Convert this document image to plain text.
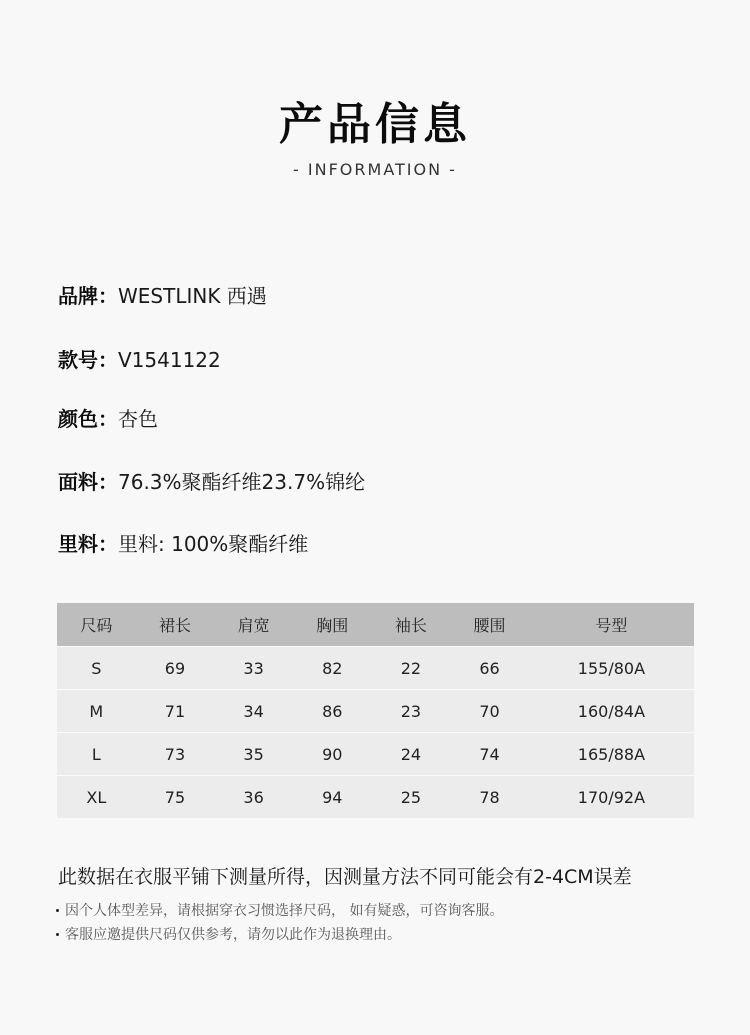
产品信息
- INFORMATION -
品牌：WESTLINK 西遇
款号：V1541122
颜色：杏色
面料：76.3%聚酯纤维23.7%锦纶
里料：里料: 100%聚酯纤维
尺码	裙长	肩宽	胸围	袖长	腰围	号型
S	69	33	82	22	66	155/80A
M	71	34	86	23	70	160/84A
L	73	35	90	24	74	165/88A
XL	75	36	94	25	78	170/92A
此数据在衣服平铺下测量所得，因测量方法不同可能会有2-4CM误差
因个人体型差异，请根据穿衣习惯选择尺码， 如有疑惑，可咨询客服。
客服应邀提供尺码仅供参考，请勿以此作为退换理由。
